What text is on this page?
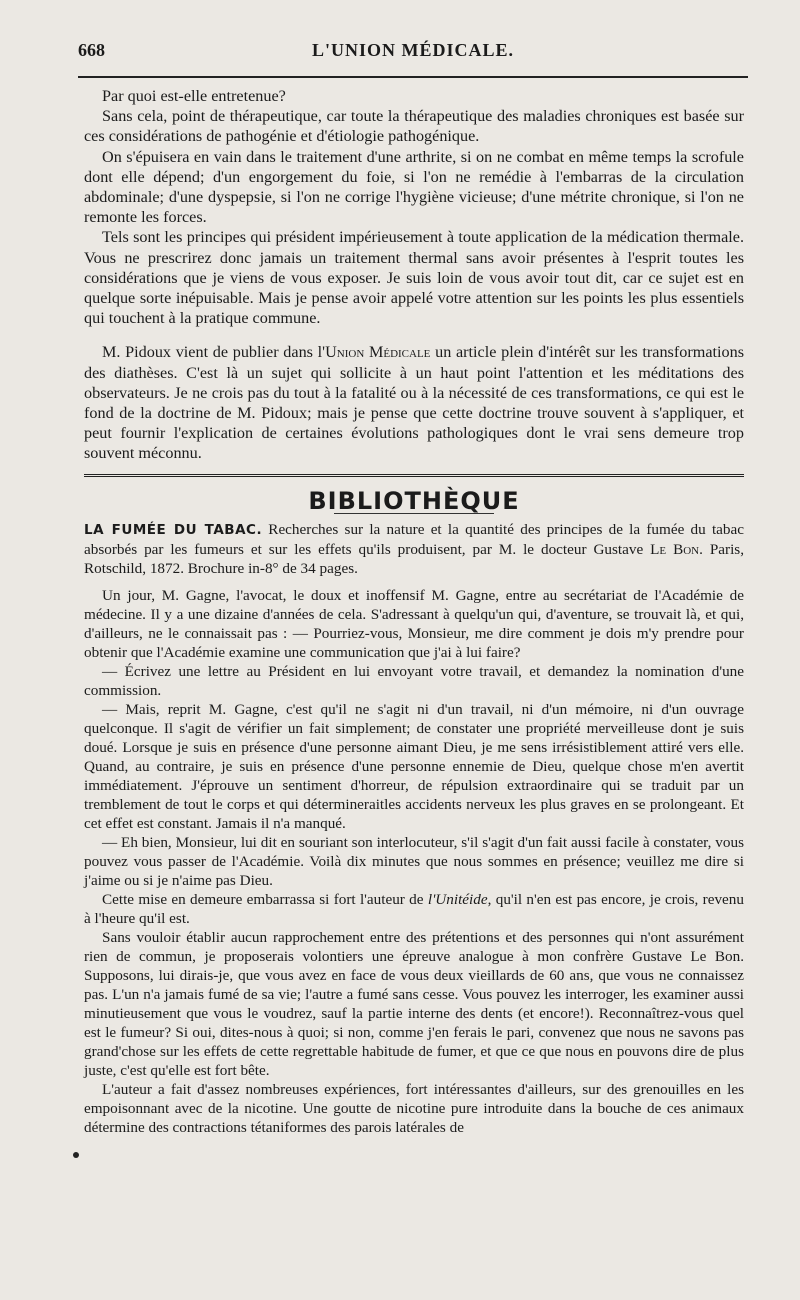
668	L'UNION MÉDICALE.

Par quoi est-elle entretenue?

Sans cela, point de thérapeutique, car toute la thérapeutique des maladies chroniques est basée sur ces considérations de pathogénie et d'étiologie pathogénique.

On s'épuisera en vain dans le traitement d'une arthrite, si on ne combat en même temps la scrofule dont elle dépend; d'un engorgement du foie, si l'on ne remédie à l'embarras de la circulation abdominale; d'une dyspepsie, si l'on ne corrige l'hygiène vicieuse; d'une métrite chronique, si l'on ne remonte les forces.

Tels sont les principes qui président impérieusement à toute application de la médication thermale. Vous ne prescrirez donc jamais un traitement thermal sans avoir présentes à l'esprit toutes les considérations que je viens de vous exposer. Je suis loin de vous avoir tout dit, car ce sujet est en quelque sorte inépuisable. Mais je pense avoir appelé votre attention sur les points les plus essentiels qui touchent à la pratique commune.

M. Pidoux vient de publier dans l'Union Médicale un article plein d'intérêt sur les transformations des diathèses. C'est là un sujet qui sollicite à un haut point l'attention et les méditations des observateurs. Je ne crois pas du tout à la fatalité ou à la nécessité de ces transformations, ce qui est le fond de la doctrine de M. Pidoux; mais je pense que cette doctrine trouve souvent à s'appliquer, et peut fournir l'explication de certaines évolutions pathologiques dont le vrai sens demeure trop souvent méconnu.

BIBLIOTHÈQUE

LA FUMÉE DU TABAC. Recherches sur la nature et la quantité des principes de la fumée du tabac absorbés par les fumeurs et sur les effets qu'ils produisent, par M. le docteur Gustave Le Bon. Paris, Rotschild, 1872. Brochure in-8° de 34 pages.

Un jour, M. Gagne, l'avocat, le doux et inoffensif M. Gagne, entre au secrétariat de l'Académie de médecine. Il y a une dizaine d'années de cela. S'adressant à quelqu'un qui, d'aventure, se trouvait là, et qui, d'ailleurs, ne le connaissait pas : — Pourriez-vous, Monsieur, me dire comment je dois m'y prendre pour obtenir que l'Académie examine une communication que j'ai à lui faire?

— Écrivez une lettre au Président en lui envoyant votre travail, et demandez la nomination d'une commission.

— Mais, reprit M. Gagne, c'est qu'il ne s'agit ni d'un travail, ni d'un mémoire, ni d'un ouvrage quelconque. Il s'agit de vérifier un fait simplement; de constater une propriété merveilleuse dont je suis doué. Lorsque je suis en présence d'une personne aimant Dieu, je me sens irrésistiblement attiré vers elle. Quand, au contraire, je suis en présence d'une personne ennemie de Dieu, quelque chose m'en avertit immédiatement. J'éprouve un sentiment d'horreur, de répulsion extraordinaire qui se traduit par un tremblement de tout le corps et qui détermineraitles accidents nerveux les plus graves en se prolongeant. Et cet effet est constant. Jamais il n'a manqué.

— Eh bien, Monsieur, lui dit en souriant son interlocuteur, s'il s'agit d'un fait aussi facile à constater, vous pouvez vous passer de l'Académie. Voilà dix minutes que nous sommes en présence; veuillez me dire si j'aime ou si je n'aime pas Dieu.

Cette mise en demeure embarrassa si fort l'auteur de l'Unitéide, qu'il n'en est pas encore, je crois, revenu à l'heure qu'il est.

Sans vouloir établir aucun rapprochement entre des prétentions et des personnes qui n'ont assurément rien de commun, je proposerais volontiers une épreuve analogue à mon confrère Gustave Le Bon. Supposons, lui dirais-je, que vous avez en face de vous deux vieillards de 60 ans, que vous ne connaissez pas. L'un n'a jamais fumé de sa vie; l'autre a fumé sans cesse. Vous pouvez les interroger, les examiner aussi minutieusement que vous le voudrez, sauf la partie interne des dents (et encore!). Reconnaîtrez-vous quel est le fumeur? Si oui, dites-nous à quoi; si non, comme j'en ferais le pari, convenez que nous ne savons pas grand'chose sur les effets de cette regrettable habitude de fumer, et que ce que nous en pouvons dire de plus juste, c'est qu'elle est fort bête.

L'auteur a fait d'assez nombreuses expériences, fort intéressantes d'ailleurs, sur des grenouilles en les empoisonnant avec de la nicotine. Une goutte de nicotine pure introduite dans la bouche de ces animaux détermine des contractions tétaniformes des parois latérales de
